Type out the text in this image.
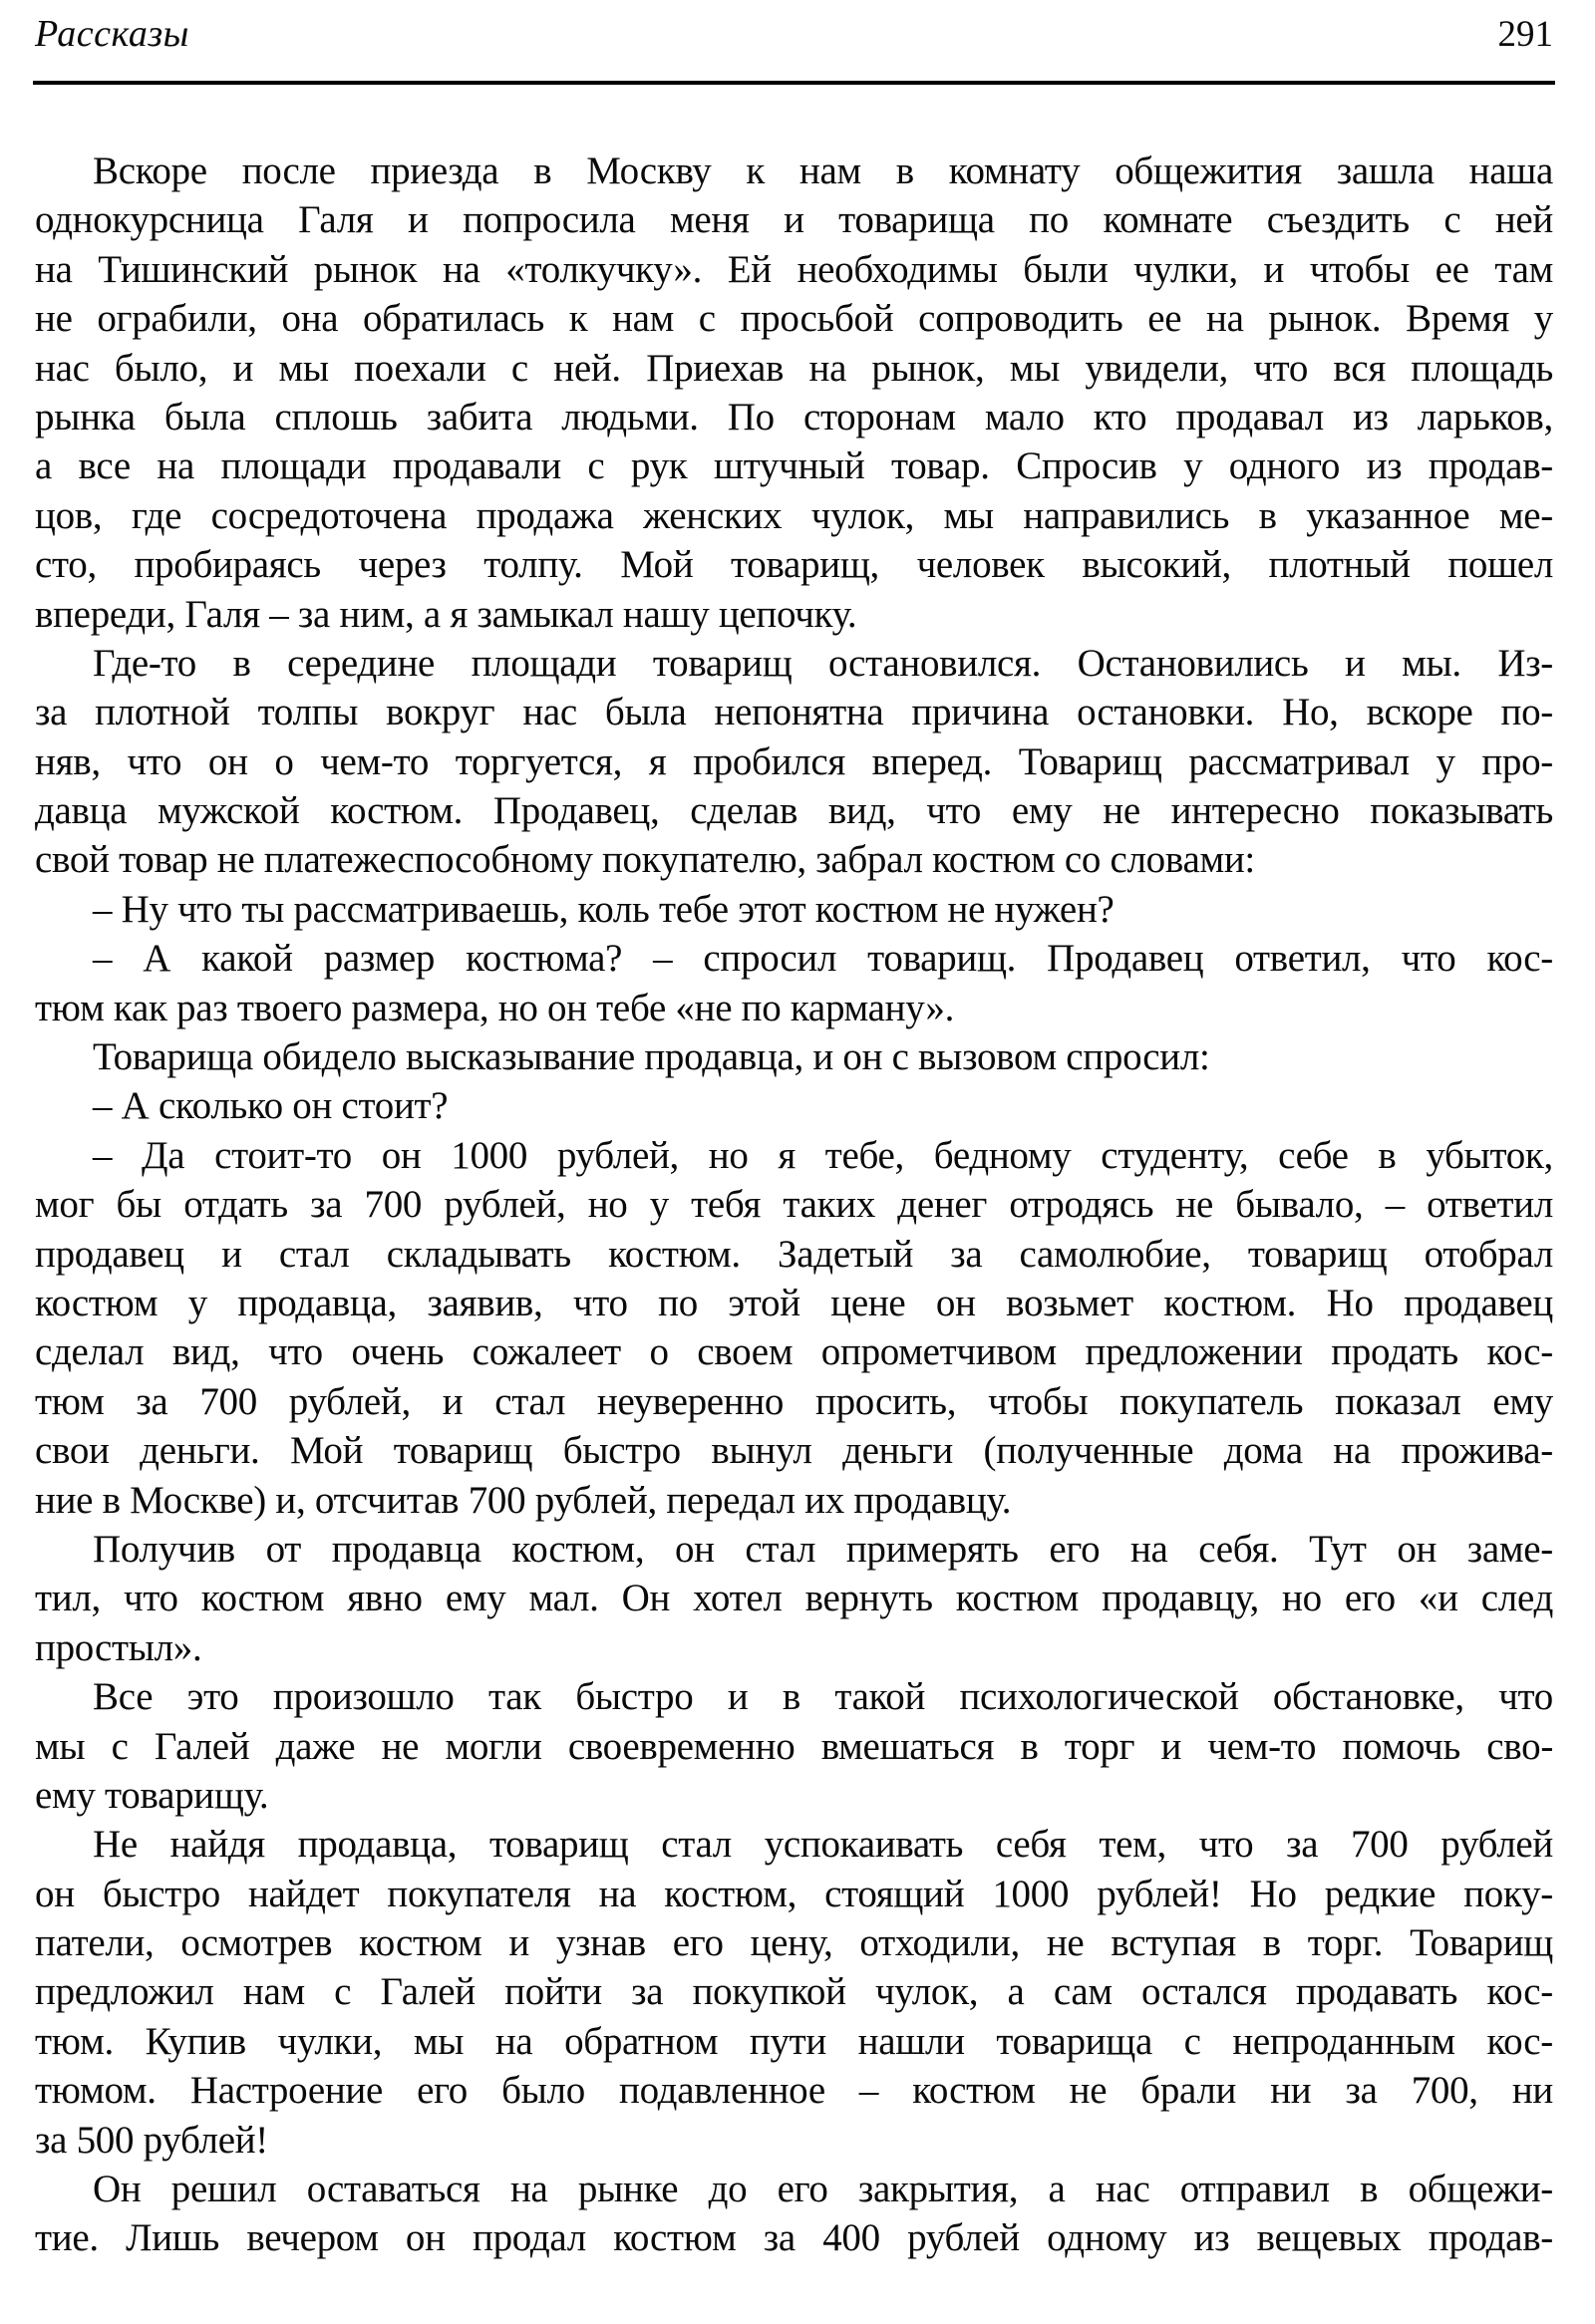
Рассказы	291
Вскоре после приезда в Москву к нам в комнату общежития зашла наша
однокурсница Галя и попросила меня и товарища по комнате съездить с ней
на Тишинский рынок на «толкучку». Ей необходимы были чулки, и чтобы ее там
не ограбили, она обратилась к нам с просьбой сопроводить ее на рынок. Время у
нас было, и мы поехали с ней. Приехав на рынок, мы увидели, что вся площадь
рынка была сплошь забита людьми. По сторонам мало кто продавал из ларьков,
а все на площади продавали с рук штучный товар. Спросив у одного из продав-
цов, где сосредоточена продажа женских чулок, мы направились в указанное ме-
сто, пробираясь через толпу. Мой товарищ, человек высокий, плотный пошел
впереди, Галя – за ним, а я замыкал нашу цепочку.
Где-то в середине площади товарищ остановился. Остановились и мы. Из-
за плотной толпы вокруг нас была непонятна причина остановки. Но, вскоре по-
няв, что он о чем-то торгуется, я пробился вперед. Товарищ рассматривал у про-
давца мужской костюм. Продавец, сделав вид, что ему не интересно показывать
свой товар не платежеспособному покупателю, забрал костюм со словами:
– Ну что ты рассматриваешь, коль тебе этот костюм не нужен?
– А какой размер костюма? – спросил товарищ. Продавец ответил, что кос-
тюм как раз твоего размера, но он тебе «не по карману».
Товарища обидело высказывание продавца, и он с вызовом спросил:
– А сколько он стоит?
– Да стоит-то он 1000 рублей, но я тебе, бедному студенту, себе в убыток,
мог бы отдать за 700 рублей, но у тебя таких денег отродясь не бывало, – ответил
продавец и стал складывать костюм. Задетый за самолюбие, товарищ отобрал
костюм у продавца, заявив, что по этой цене он возьмет костюм. Но продавец
сделал вид, что очень сожалеет о своем опрометчивом предложении продать кос-
тюм за 700 рублей, и стал неуверенно просить, чтобы покупатель показал ему
свои деньги. Мой товарищ быстро вынул деньги (полученные дома на прожива-
ние в Москве) и, отсчитав 700 рублей, передал их продавцу.
Получив от продавца костюм, он стал примерять его на себя. Тут он заме-
тил, что костюм явно ему мал. Он хотел вернуть костюм продавцу, но его «и след
простыл».
Все это произошло так быстро и в такой психологической обстановке, что
мы с Галей даже не могли своевременно вмешаться в торг и чем-то помочь сво-
ему товарищу.
Не найдя продавца, товарищ стал успокаивать себя тем, что за 700 рублей
он быстро найдет покупателя на костюм, стоящий 1000 рублей! Но редкие поку-
патели, осмотрев костюм и узнав его цену, отходили, не вступая в торг. Товарищ
предложил нам с Галей пойти за покупкой чулок, а сам остался продавать кос-
тюм. Купив чулки, мы на обратном пути нашли товарища с непроданным кос-
тюмом. Настроение его было подавленное – костюм не брали ни за 700, ни
за 500 рублей!
Он решил оставаться на рынке до его закрытия, а нас отправил в общежи-
тие. Лишь вечером он продал костюм за 400 рублей одному из вещевых продав-
